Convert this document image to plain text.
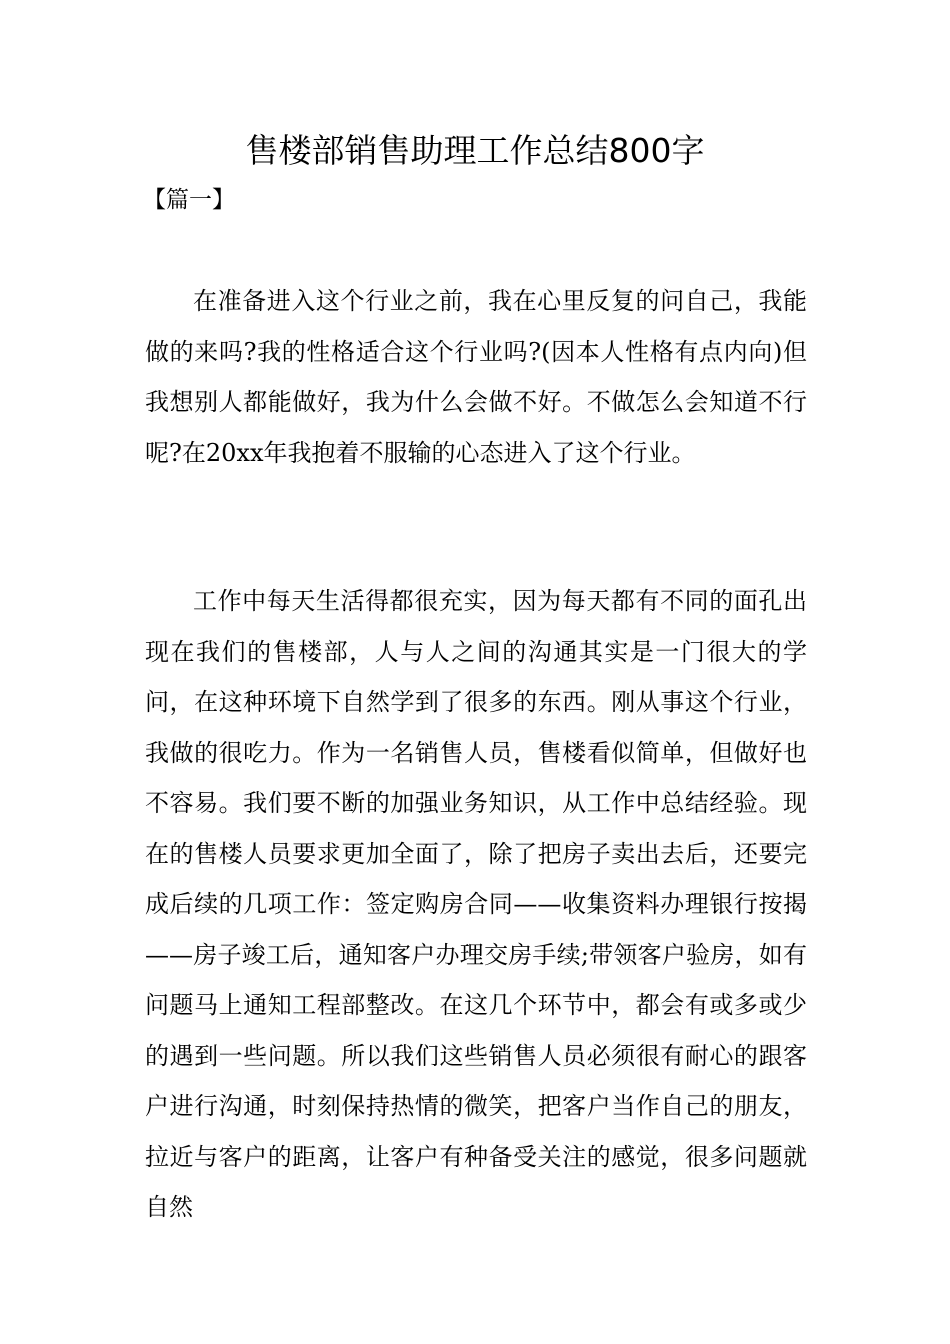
售楼部销售助理工作总结800字
【篇一】

在准备进入这个行业之前，我在心里反复的问自己，我能做的来吗?我的性格适合这个行业吗?(因本人性格有点内向)但我想别人都能做好，我为什么会做不好。不做怎么会知道不行呢?在20xx年我抱着不服输的心态进入了这个行业。

工作中每天生活得都很充实，因为每天都有不同的面孔出现在我们的售楼部，人与人之间的沟通其实是一门很大的学问，在这种环境下自然学到了很多的东西。刚从事这个行业，我做的很吃力。作为一名销售人员，售楼看似简单，但做好也不容易。我们要不断的加强业务知识，从工作中总结经验。现在的售楼人员要求更加全面了，除了把房子卖出去后，还要完成后续的几项工作：签定购房合同——收集资料办理银行按揭——房子竣工后，通知客户办理交房手续;带领客户验房，如有问题马上通知工程部整改。在这几个环节中，都会有或多或少的遇到一些问题。所以我们这些销售人员必须很有耐心的跟客户进行沟通，时刻保持热情的微笑，把客户当作自己的朋友，拉近与客户的距离，让客户有种备受关注的感觉，很多问题就自然
